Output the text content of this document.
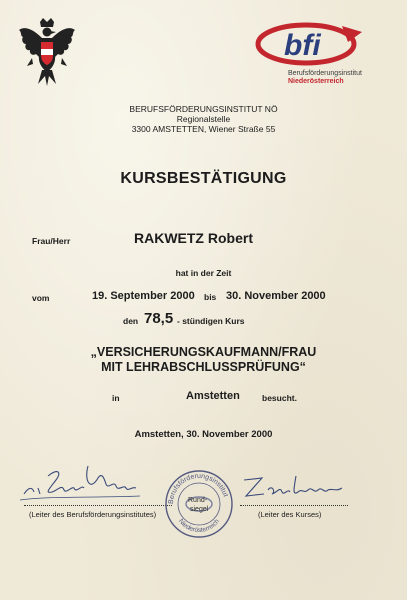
bfi
Berufsförderungsinstitut
Niederösterreich
BERUFSFÖRDERUNGSINSTITUT NÖ
Regionalstelle
3300 AMSTETTEN, Wiener Straße 55
KURSBESTÄTIGUNG
Frau/Herr	RAKWETZ Robert
hat in der Zeit
vom	19. September 2000 bis 30. November 2000
den 78,5 - stündigen Kurs
„VERSICHERUNGSKAUFMANN/FRAU
MIT LEHRABSCHLUSSPRÜFUNG“
in	Amstetten	besucht.
Amstetten, 30. November 2000
(Leiter des Berufsförderungsinstitutes)
Berufsförderungsinstitut
Niederösterreich
Rund-
siegel
(Leiter des Kurses)
